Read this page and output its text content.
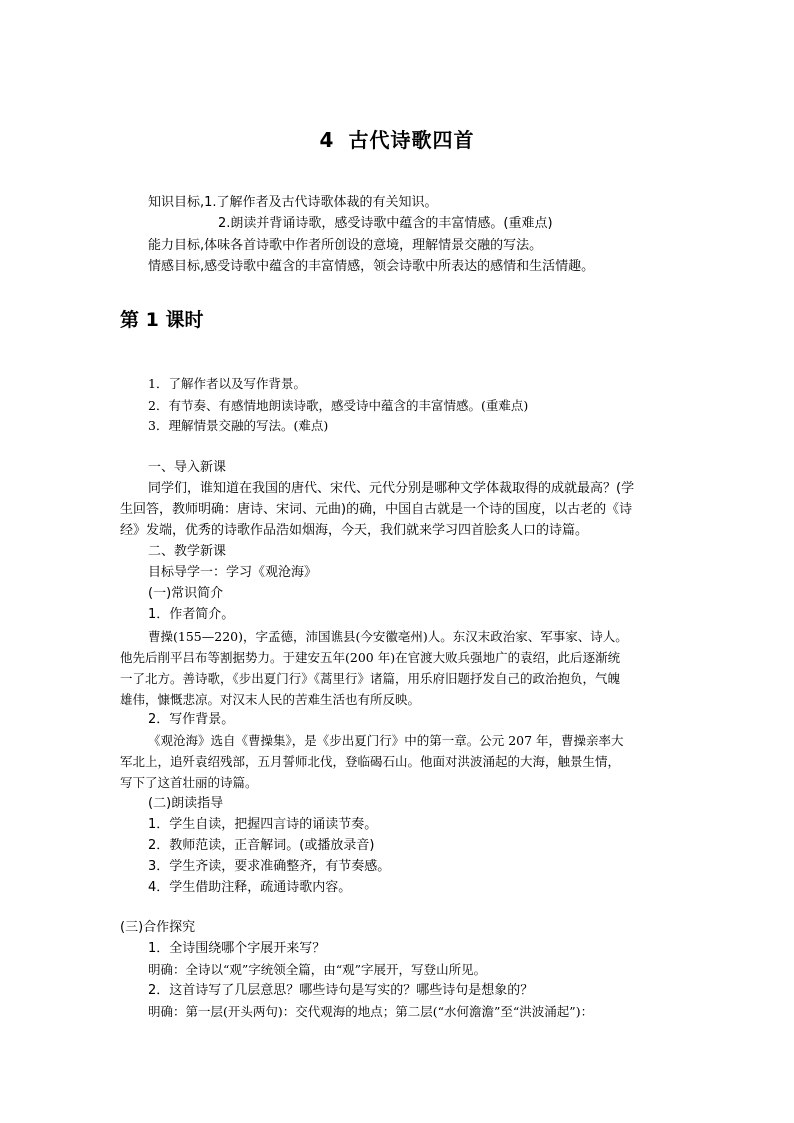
4 古代诗歌四首
知识目标,1.了解作者及古代诗歌体裁的有关知识。
2.朗读并背诵诗歌，感受诗歌中蕴含的丰富情感。(重难点)
能力目标,体味各首诗歌中作者所创设的意境，理解情景交融的写法。
情感目标,感受诗歌中蕴含的丰富情感，领会诗歌中所表达的感情和生活情趣。
第 1 课时
1．了解作者以及写作背景。
2．有节奏、有感情地朗读诗歌，感受诗中蕴含的丰富情感。(重难点)
3．理解情景交融的写法。(难点)
一、导入新课
同学们，谁知道在我国的唐代、宋代、元代分别是哪种文学体裁取得的成就最高？(学
生回答，教师明确：唐诗、宋词、元曲)的确，中国自古就是一个诗的国度，以古老的《诗
经》发端，优秀的诗歌作品浩如烟海，今天，我们就来学习四首脍炙人口的诗篇。
二、教学新课
目标导学一：学习《观沧海》
(一)常识简介
1．作者简介。
曹操(155—220)，字孟德，沛国谯县(今安徽亳州)人。东汉末政治家、军事家、诗人。
他先后削平吕布等割据势力。于建安五年(200 年)在官渡大败兵强地广的袁绍，此后逐渐统
一了北方。善诗歌，《步出夏门行》《蒿里行》诸篇，用乐府旧题抒发自己的政治抱负，气魄
雄伟，慷慨悲凉。对汉末人民的苦难生活也有所反映。
2．写作背景。
《观沧海》选自《曹操集》，是《步出夏门行》中的第一章。公元 207 年，曹操亲率大
军北上，追歼袁绍残部，五月誓师北伐，登临碣石山。他面对洪波涌起的大海，触景生情，
写下了这首壮丽的诗篇。
(二)朗读指导
1．学生自读，把握四言诗的诵读节奏。
2．教师范读，正音解词。(或播放录音)
3．学生齐读，要求准确整齐，有节奏感。
4．学生借助注释，疏通诗歌内容。
(三)合作探究
1．全诗围绕哪个字展开来写？
明确：全诗以“观”字统领全篇，由“观”字展开，写登山所见。
2．这首诗写了几层意思？哪些诗句是写实的？哪些诗句是想象的？
明确：第一层(开头两句)：交代观海的地点；第二层(“水何澹澹”至“洪波涌起”)：
